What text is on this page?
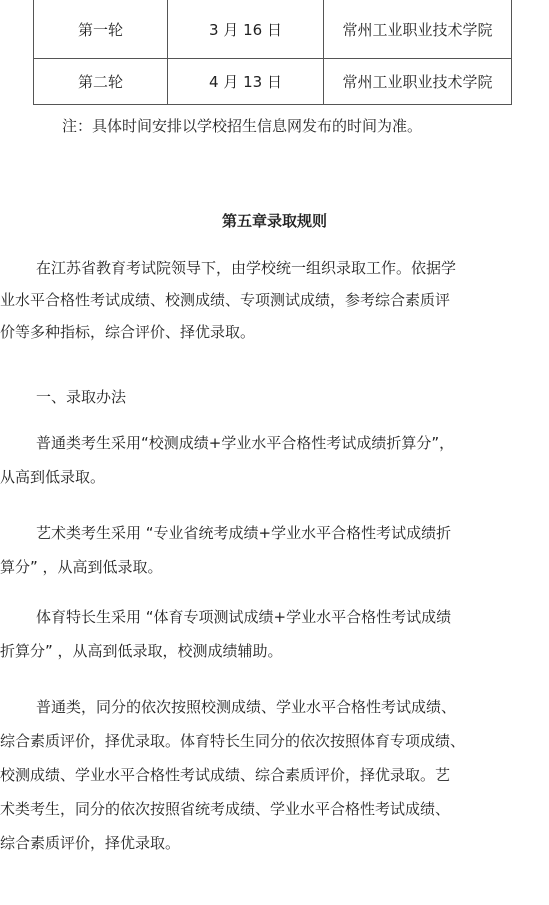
第一轮	3 月 16 日	常州工业职业技术学院
第二轮	4 月 13 日	常州工业职业技术学院
注：具体时间安排以学校招生信息网发布的时间为准。
第五章录取规则
在江苏省教育考试院领导下，由学校统一组织录取工作。依据学
业水平合格性考试成绩、校测成绩、专项测试成绩，参考综合素质评
价等多种指标，综合评价、择优录取。
一、录取办法
普通类考生采用“校测成绩+学业水平合格性考试成绩折算分”，
从高到低录取。
艺术类考生采用 “专业省统考成绩+学业水平合格性考试成绩折
算分” ，从高到低录取。
体育特长生采用 “体育专项测试成绩+学业水平合格性考试成绩
折算分” ，从高到低录取，校测成绩辅助。
普通类，同分的依次按照校测成绩、学业水平合格性考试成绩、
综合素质评价，择优录取。体育特长生同分的依次按照体育专项成绩、
校测成绩、学业水平合格性考试成绩、综合素质评价，择优录取。艺
术类考生，同分的依次按照省统考成绩、学业水平合格性考试成绩、
综合素质评价，择优录取。
